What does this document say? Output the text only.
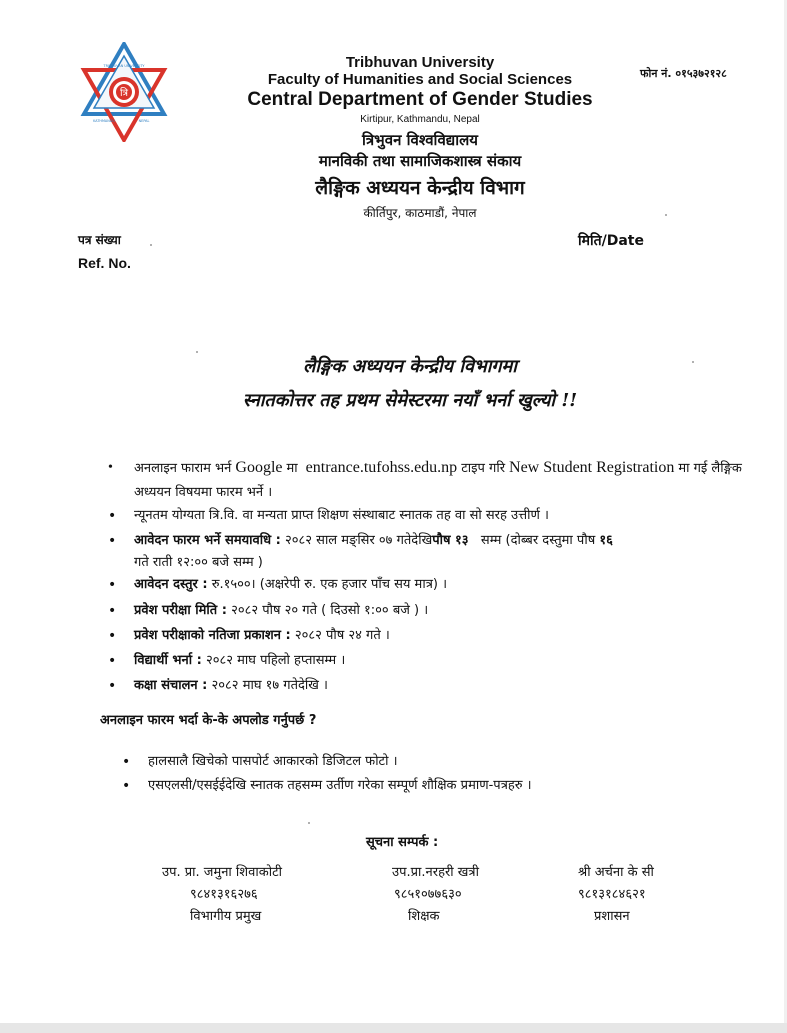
त्रि
TRIBHUVAN UNIVERSITY
KATHMANDU	NEPAL
Tribhuvan University
Faculty of Humanities and Social Sciences
Central Department of Gender Studies
Kirtipur, Kathmandu, Nepal
त्रिभुवन विश्वविद्यालय
मानविकी तथा सामाजिकशास्त्र संकाय
लैङ्गिक अध्ययन केन्द्रीय विभाग
कीर्तिपुर, काठमाडौं, नेपाल
फोन नं. ०१५३७२१२८
पत्र संख्या
Ref. No.
मिति/Date
लैङ्गिक अध्ययन केन्द्रीय विभागमा
स्नातकोत्तर तह प्रथम सेमेस्टरमा नयाँ भर्ना खुल्यो !!
• अनलाइन फाराम भर्न Google मा entrance.tufohss.edu.np टाइप गरि New Student Registration मा गई लैङ्गिक अध्ययन विषयमा फारम भर्ने ।
• न्यूनतम योग्यता त्रि.वि. वा मन्यता प्राप्त शिक्षण संस्थाबाट स्नातक तह वा सो सरह उत्तीर्ण ।
• आवेदन फारम भर्ने समयावधि : २०८२ साल मङ्सिर ०७ गतेदेखिपौष १३ सम्म (दोब्बर दस्तुमा पौष १६
गते राती १२:०० बजे सम्म )
• आवेदन दस्तुर : रु.१५००। (अक्षरेपी रु. एक हजार पाँच सय मात्र) ।
• प्रवेश परीक्षा मिति : २०८२ पौष २० गते ( दिउसो १:०० बजे ) ।
• प्रवेश परीक्षाको नतिजा प्रकाशन : २०८२ पौष २४ गते ।
• विद्यार्थी भर्ना : २०८२ माघ पहिलो हप्तासम्म ।
• कक्षा संचालन : २०८२ माघ १७ गतेदेखि ।
अनलाइन फारम भर्दा के-के अपलोड गर्नुपर्छ ?
• हालसालै खिचेको पासपोर्ट आकारको डिजिटल फोटो ।
• एसएलसी/एसईईदेखि स्नातक तहसम्म उर्तीण गरेका सम्पूर्ण शौक्षिक प्रमाण-पत्रहरु ।
सूचना सम्पर्क :
उप. प्रा. जमुना शिवाकोटी
९८४१३१६२७६
विभागीय प्रमुख
उप.प्रा.नरहरी खत्री
९८५१०७७६३०
शिक्षक
श्री अर्चना के सी
९८१३१८४६२१
प्रशासन
